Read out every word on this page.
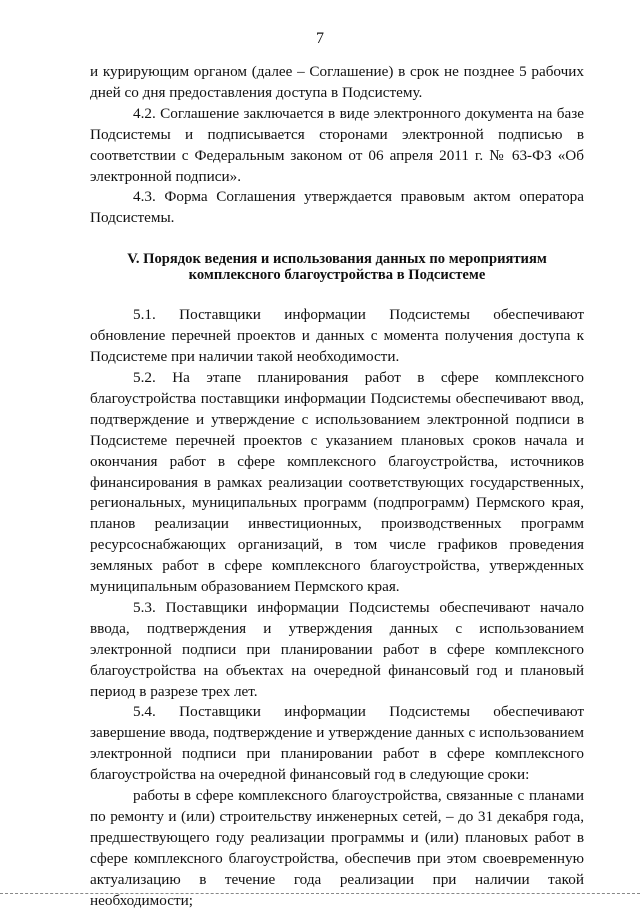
7

и курирующим органом (далее – Соглашение) в срок не позднее 5 рабочих дней со дня предоставления доступа в Подсистему.

4.2. Соглашение заключается в виде электронного документа на базе Подсистемы и подписывается сторонами электронной подписью в соответствии с Федеральным законом от 06 апреля 2011 г. № 63-ФЗ «Об электронной подписи».

4.3. Форма Соглашения утверждается правовым актом оператора Подсистемы.

V. Порядок ведения и использования данных по мероприятиям

комплексного благоустройства в Подсистеме

5.1. Поставщики информации Подсистемы обеспечивают обновление перечней проектов и данных с момента получения доступа к Подсистеме при наличии такой необходимости.

5.2. На этапе планирования работ в сфере комплексного благоустройства поставщики информации Подсистемы обеспечивают ввод, подтверждение и утверждение с использованием электронной подписи в Подсистеме перечней проектов с указанием плановых сроков начала и окончания работ в сфере комплексного благоустройства, источников финансирования в рамках реализации соответствующих государственных, региональных, муниципальных программ (подпрограмм) Пермского края, планов реализации инвестиционных, производственных программ ресурсоснабжающих организаций, в том числе графиков проведения земляных работ в сфере комплексного благоустройства, утвержденных муниципальным образованием Пермского края.

5.3. Поставщики информации Подсистемы обеспечивают начало ввода, подтверждения и утверждения данных с использованием электронной подписи при планировании работ в сфере комплексного благоустройства на объектах на очередной финансовый год и плановый период в разрезе трех лет.

5.4. Поставщики информации Подсистемы обеспечивают завершение ввода, подтверждение и утверждение данных с использованием электронной подписи при планировании работ в сфере комплексного благоустройства на очередной финансовый год в следующие сроки:

работы в сфере комплексного благоустройства, связанные с планами по ремонту и (или) строительству инженерных сетей, – до 31 декабря года, предшествующего году реализации программы и (или) плановых работ в сфере комплексного благоустройства, обеспечив при этом своевременную актуализацию в течение года реализации при наличии такой необходимости;
